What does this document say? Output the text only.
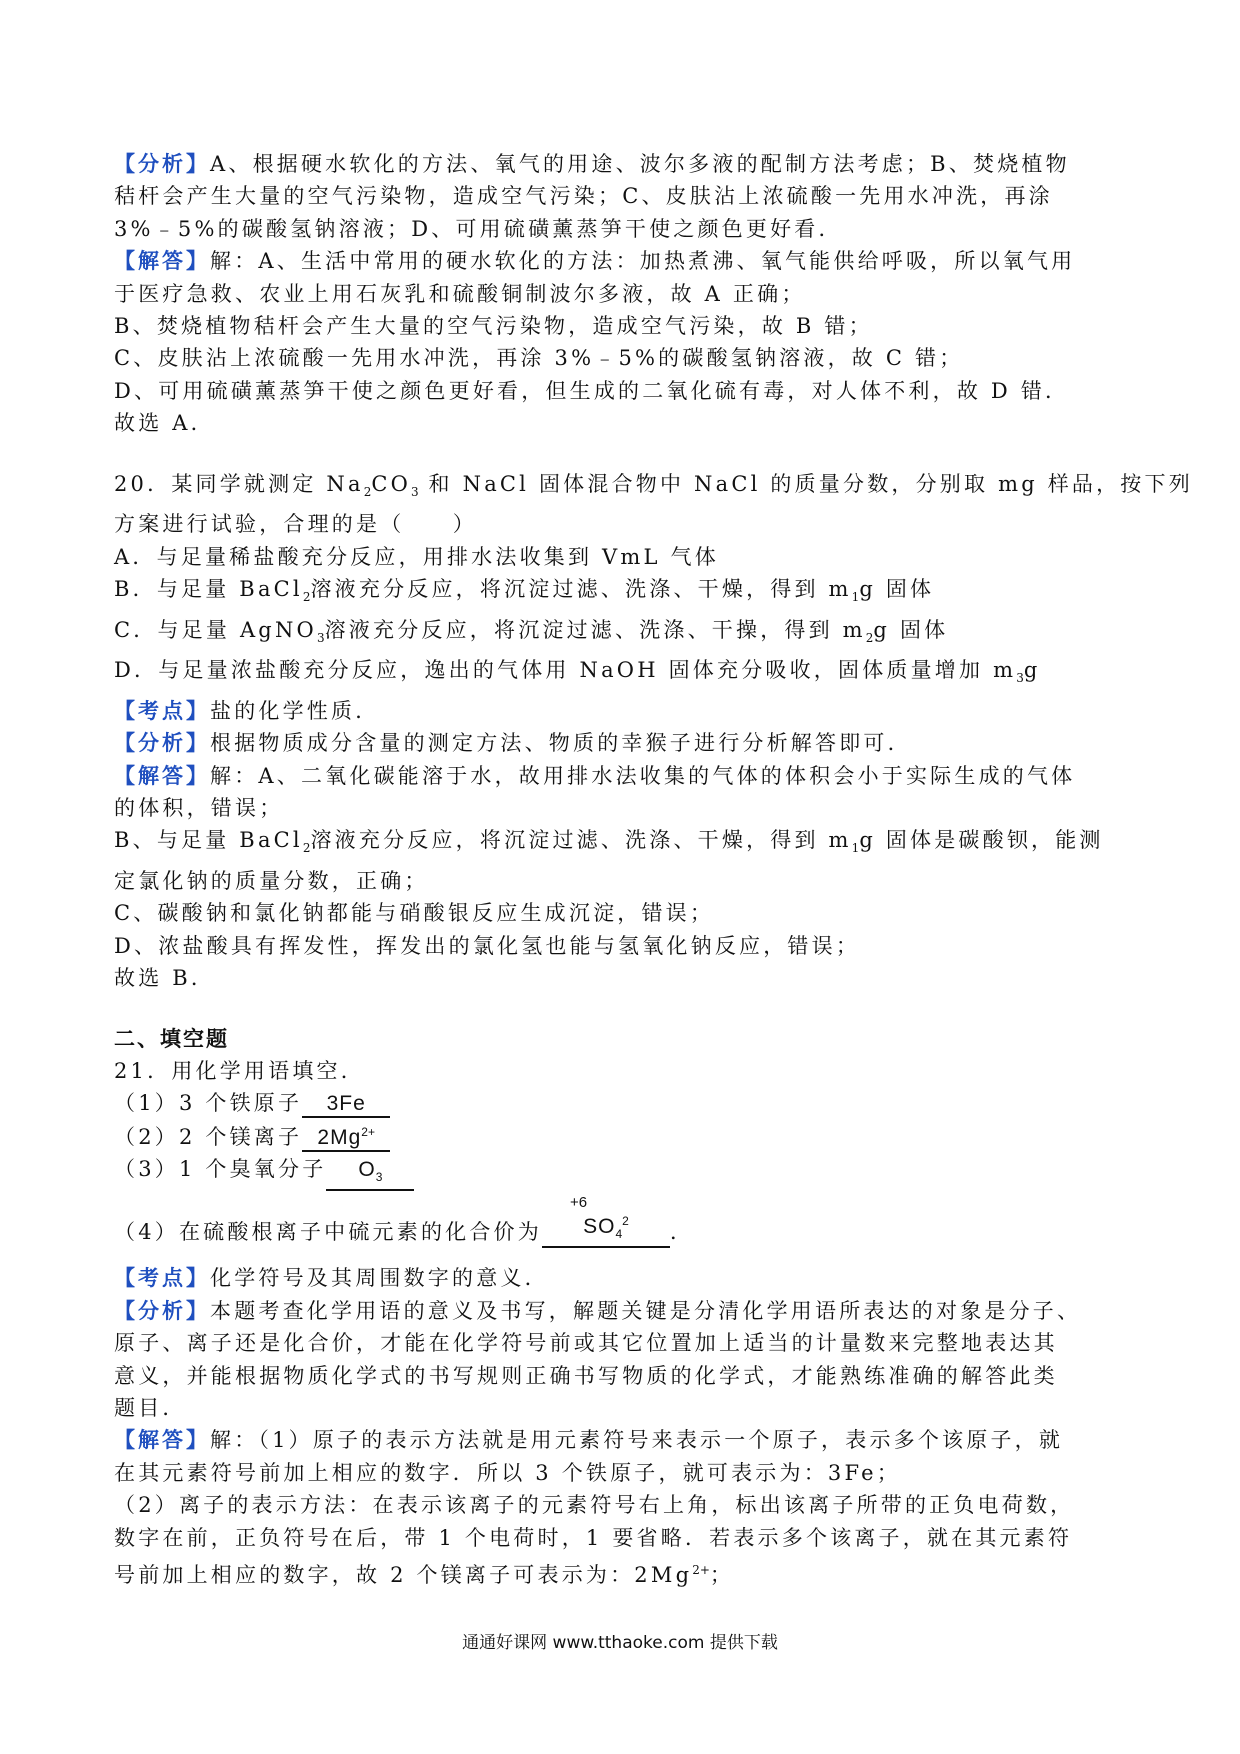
【分析】A、根据硬水软化的方法、氧气的用途、波尔多液的配制方法考虑；B、焚烧植物
秸杆会产生大量的空气污染物，造成空气污染；C、皮肤沾上浓硫酸一先用水冲洗，再涂
3%﹣5%的碳酸氢钠溶液；D、可用硫磺薰蒸笋干使之颜色更好看．
【解答】解：A、生活中常用的硬水软化的方法：加热煮沸、氧气能供给呼吸，所以氧气用
于医疗急救、农业上用石灰乳和硫酸铜制波尔多液，故 A 正确；
B、焚烧植物秸杆会产生大量的空气污染物，造成空气污染，故 B 错；
C、皮肤沾上浓硫酸一先用水冲洗，再涂 3%﹣5%的碳酸氢钠溶液，故 C 错；
D、可用硫磺薰蒸笋干使之颜色更好看，但生成的二氧化硫有毒，对人体不利，故 D 错．
故选 A．
20．某同学就测定 $Na_2CO_3$ 和 NaCl 固体混合物中 NaCl 的质量分数，分别取 mg 样品，按下列
方案进行试验，合理的是（　　）
A．与足量稀盐酸充分反应，用排水法收集到 VmL 气体
B．与足量 BaCl$_2$溶液充分反应，将沉淀过滤、洗涤、干燥，得到 $m_1g$ 固体
C．与足量 AgNO$_3$溶液充分反应，将沉淀过滤、洗涤、干操，得到 $m_2g$ 固体
D．与足量浓盐酸充分反应，逸出的气体用 NaOH 固体充分吸收，固体质量增加 $m_3g$
【考点】盐的化学性质．
【分析】根据物质成分含量的测定方法、物质的幸猴子进行分析解答即可．
【解答】解：A、二氧化碳能溶于水，故用排水法收集的气体的体积会小于实际生成的气体
的体积，错误；
B、与足量 BaCl$_2$溶液充分反应，将沉淀过滤、洗涤、干燥，得到 $m_1g$ 固体是碳酸钡，能测
定氯化钠的质量分数，正确；
C、碳酸钠和氯化钠都能与硝酸银反应生成沉淀，错误；
D、浓盐酸具有挥发性，挥发出的氯化氢也能与氢氧化钠反应，错误；
故选 B．
二、填空题
21．用化学用语填空．
（1）3 个铁原子 3Fe
（2）2 个镁离子 $2Mg^{2+}$
（3）1 个臭氧分子 $O_3$
（4）在硫酸根离子中硫元素的化合价为
+6
$SO_4^2$ ．
【考点】化学符号及其周围数字的意义．
【分析】本题考查化学用语的意义及书写，解题关键是分清化学用语所表达的对象是分子、
原子、离子还是化合价，才能在化学符号前或其它位置加上适当的计量数来完整地表达其
意义，并能根据物质化学式的书写规则正确书写物质的化学式，才能熟练准确的解答此类
题目．
【解答】解：（1）原子的表示方法就是用元素符号来表示一个原子，表示多个该原子，就
在其元素符号前加上相应的数字．所以 3 个铁原子，就可表示为：3Fe；
（2）离子的表示方法：在表示该离子的元素符号右上角，标出该离子所带的正负电荷数，
数字在前，正负符号在后，带 1 个电荷时，1 要省略．若表示多个该离子，就在其元素符
号前加上相应的数字，故 2 个镁离子可表示为：$2Mg^{2+}$；
通通好课网 www.tthaoke.com 提供下载
